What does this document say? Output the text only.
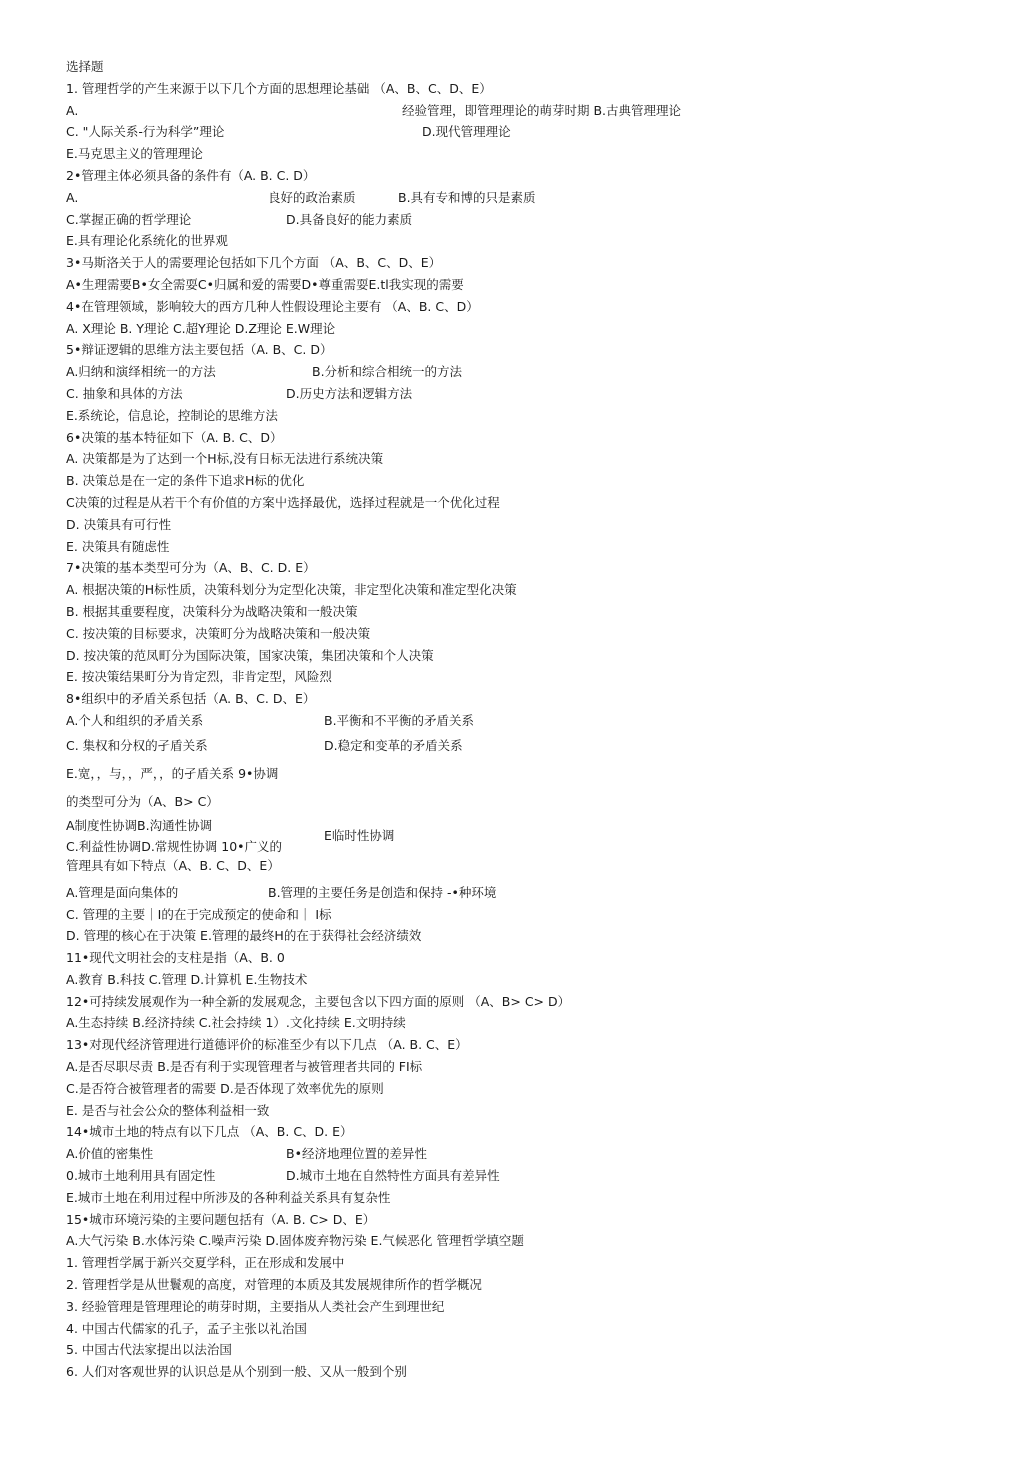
选择题
1. 管理哲学的产生来源于以下几个方面的思想理论基础 （A、B、C、D、E）
A.	经验管理，即管理理论的萌芽时期 B.古典管理理论
C. "人际关系-行为科学”理论	D.现代管理理论
E.马克思主义的管理理论
2•管理主体必须具备的条件有（A. B. C. D）
A.	良好的政治素质	B.具有专和博的只是素质
C.掌握正确的哲学理论	D.具备良好的能力素质
E.具有理论化系统化的世界观
3•马斯洛关于人的需要理论包括如下几个方面 （A、B、C、D、E）
A•生理需要B•女全需耍C•归属和爱的需要D•尊重需耍E.tl我实现的需要
4•在管理领域，影响较大的西方几种人性假设理论主要有 （A、B. C、D）
A. X理论 B. Y理论 C.超Y理论 D.Z理论 E.W理论
5•辩证逻辑的思维方法主要包括（A. B、C. D）
A.归纳和演绎相统一的方法	B.分析和综合相统一的方法
C. 抽象和具体的方法	D.历史方法和逻辑方法
E.系统论，信息论，控制论的思维方法
6•决策的基本特征如下（A. B. C、D）
A. 决策都是为了达到一个H标,没有日标无法进行系统决策
B. 决策总是在一定的条件下追求H标的优化
C决策的过程是从若干个有价值的方案屮选择最优，选择过程就是一个优化过程
D. 决策具有可行性
E. 决策具有随虑性
7•决策的基本类型可分为（A、B、C. D. E）
A. 根据决策的H标性质，决策科划分为定型化决策，非定型化决策和准定型化决策
B. 根据其重要程度，决策科分为战略决策和一般决策
C. 按决策的目标要求，决策町分为战略决策和一般决策
D. 按决策的范凤町分为国际决策，国家决策，集团决策和个人决策
E. 按决策结果町分为肯定烈，非肯定型，风险烈
8•组织中的矛盾关系包括（A. B、C. D、E）
A.个人和组织的矛盾关系	B.平衡和不平衡的矛盾关系
C. 集权和分权的孑盾关系	D.稳定和变革的矛盾关系
E.宽，，与，，严，，的孑盾关系 9•协调
的类型可分为（A、B> C）
A制度性协调B.沟通性协调
E临时性协调
C.利益性协调D.常规性协调 10•广义的
管理具有如下特点（A、B. C、D、E）
A.管理是面向集体的	B.管理的主要任务是创造和保持 -•种环境
C. 管理的主要｜I的在于完成预定的使命和｜ I标
D. 管理的核心在于决策 E.管理的最终H的在于获得社会经济绩效
11•现代文明社会的支柱是指（A、B. 0
A.教育 B.科技 C.管理 D.计算机 E.生物技术
12•可持续发展观作为一种全新的发展观念，主要包含以下四方面的原则 （A、B> C> D）
A.生态持续 B.经济持续 C.社会持续 1）.文化持续 E.文明持续
13•对现代经济管理进行道德评价的标准至少有以下几点 （A. B. C、E）
A.是否尽职尽责 B.是否有利于实现管理者与被管理者共同的 FI标
C.是否符合被管理者的需要 D.是否体现了效率优先的原则
E. 是否与社会公众的整体利益相一致
14•城市土地的特点有以下几点 （A、B. C、D. E）
A.价值的密集性	B•经济地理位置的差异性
0.城市土地利用具有固定性	D.城市土地在自然特性方面具有差异性
E.城市土地在利用过程中所涉及的各种利益关系具有复杂性
15•城市环境污染的主要问题包括有（A. B. C> D、E）
A.大气污染 B.水体污染 C.噪声污染 D.固体废弃物污染 E.气候恶化 管理哲学填空题
1. 管理哲学属于新兴交夏学科，正在形成和发展中
2. 管理哲学是从世鬟观的高度，对管理的本质及其发展规律所作的哲学概况
3. 经验管理是管理理论的萌芽时期，主要指从人类社会产生到理世纪
4. 中国古代儒家的孔子，孟子主张以礼治国
5. 中国古代法家提出以法治国
6. 人们对客观世界的认识总是从个别到一般、又从一般到个别
